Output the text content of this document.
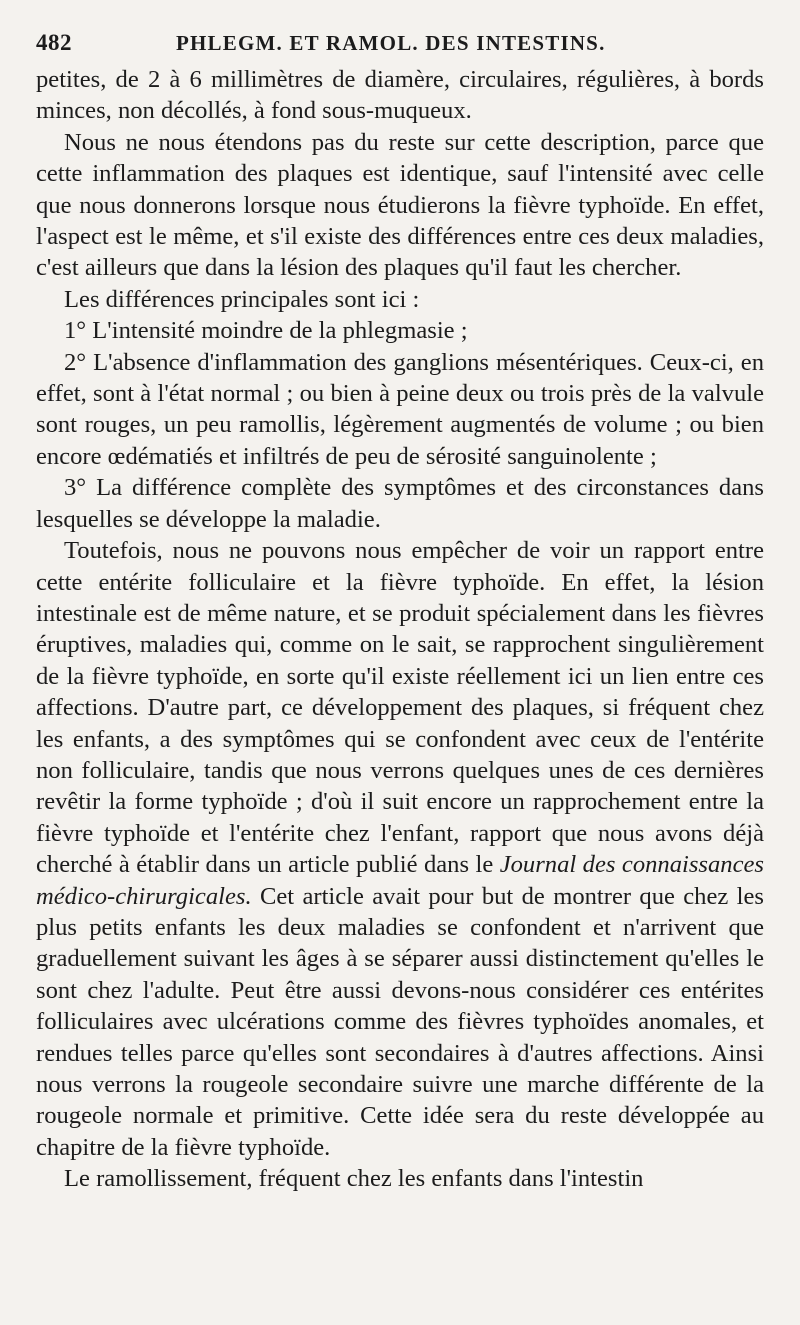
482	PHLEGM. ET RAMOL. DES INTESTINS.

petites, de 2 à 6 millimètres de diamère, circulaires, régulières, à bords minces, non décollés, à fond sous-muqueux.

Nous ne nous étendons pas du reste sur cette description, parce que cette inflammation des plaques est identique, sauf l'intensité avec celle que nous donnerons lorsque nous étudierons la fièvre typhoïde. En effet, l'aspect est le même, et s'il existe des différences entre ces deux maladies, c'est ailleurs que dans la lésion des plaques qu'il faut les chercher.

Les différences principales sont ici :

1° L'intensité moindre de la phlegmasie ;

2° L'absence d'inflammation des ganglions mésentériques. Ceux-ci, en effet, sont à l'état normal ; ou bien à peine deux ou trois près de la valvule sont rouges, un peu ramollis, légèrement augmentés de volume ; ou bien encore œdématiés et infiltrés de peu de sérosité sanguinolente ;

3° La différence complète des symptômes et des circonstances dans lesquelles se développe la maladie.

Toutefois, nous ne pouvons nous empêcher de voir un rapport entre cette entérite folliculaire et la fièvre typhoïde. En effet, la lésion intestinale est de même nature, et se produit spécialement dans les fièvres éruptives, maladies qui, comme on le sait, se rapprochent singulièrement de la fièvre typhoïde, en sorte qu'il existe réellement ici un lien entre ces affections. D'autre part, ce développement des plaques, si fréquent chez les enfants, a des symptômes qui se confondent avec ceux de l'entérite non folliculaire, tandis que nous verrons quelques unes de ces dernières revêtir la forme typhoïde ; d'où il suit encore un rapprochement entre la fièvre typhoïde et l'entérite chez l'enfant, rapport que nous avons déjà cherché à établir dans un article publié dans le Journal des connaissances médico-chirurgicales. Cet article avait pour but de montrer que chez les plus petits enfants les deux maladies se confondent et n'arrivent que graduellement suivant les âges à se séparer aussi distinctement qu'elles le sont chez l'adulte. Peut être aussi devons-nous considérer ces entérites folliculaires avec ulcérations comme des fièvres typhoïdes anomales, et rendues telles parce qu'elles sont secondaires à d'autres affections. Ainsi nous verrons la rougeole secondaire suivre une marche différente de la rougeole normale et primitive. Cette idée sera du reste développée au chapitre de la fièvre typhoïde.

Le ramollissement, fréquent chez les enfants dans l'intestin
